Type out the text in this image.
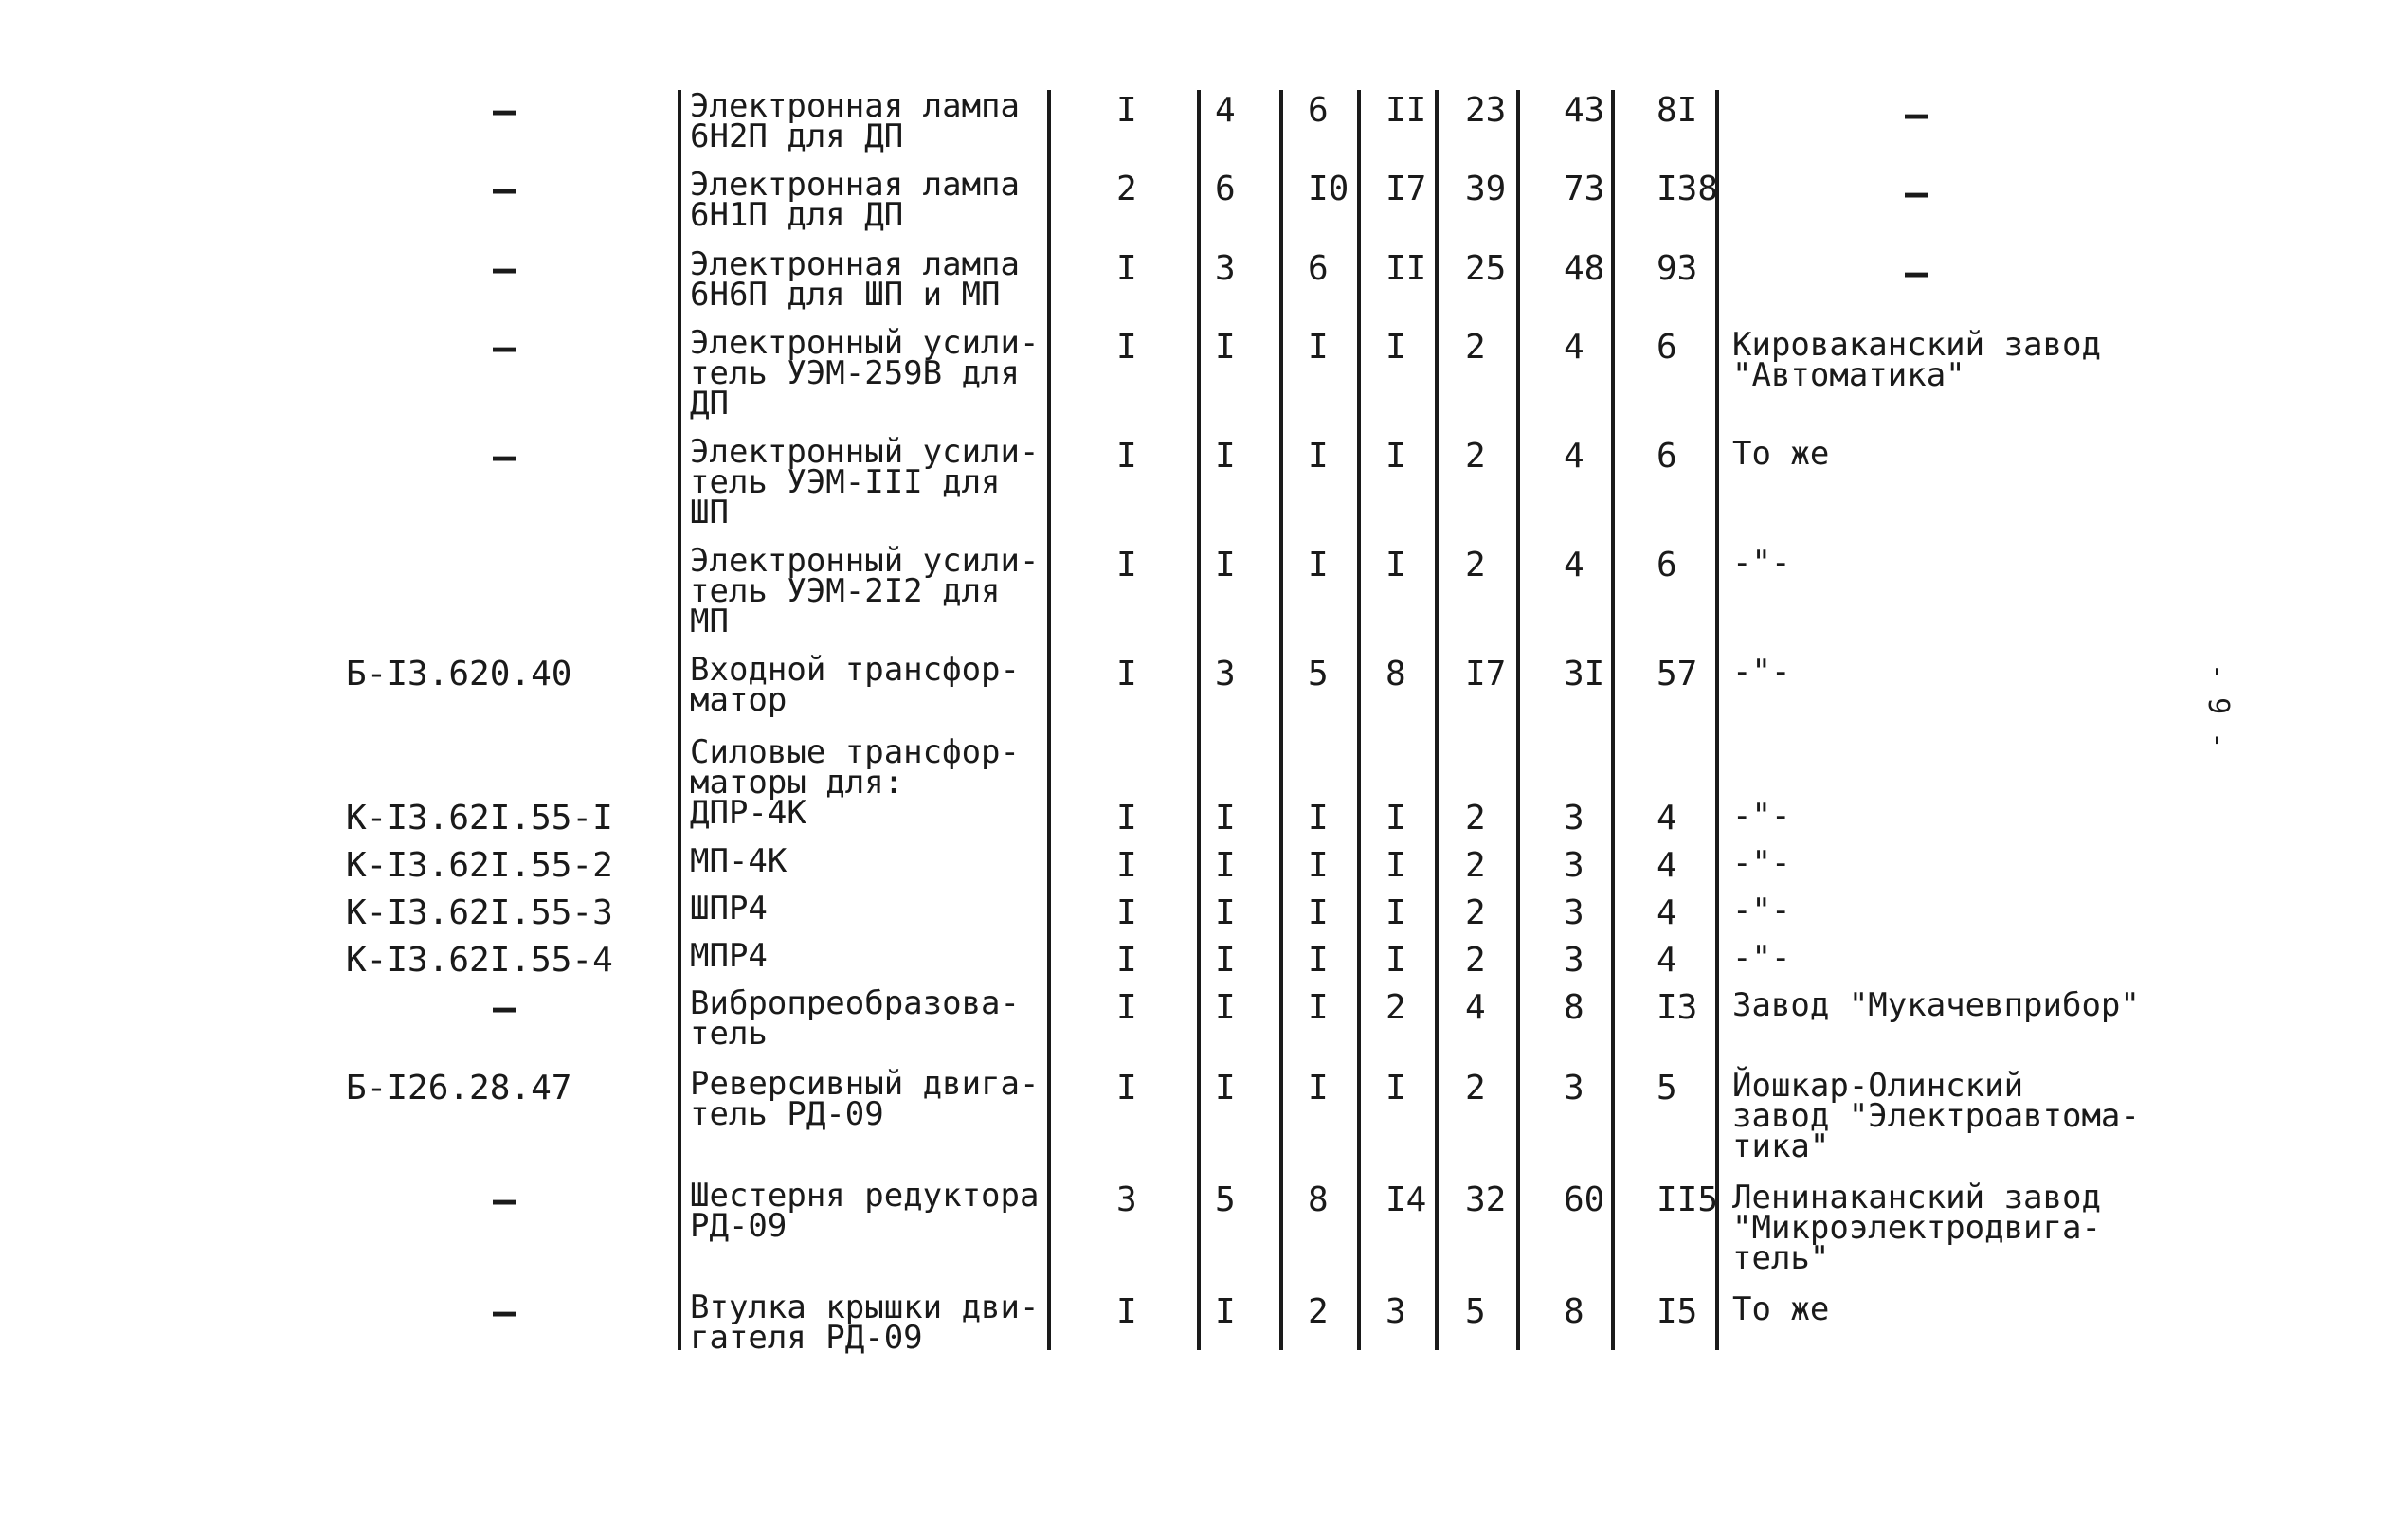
–	Электронная лампа
6Н2П для ДП
I 4 6 II 23 43 8I	–
–	Электронная лампа
6Н1П для ДП
2 6 I0 I7 39 73 I38	–
–	Электронная лампа
6Н6П для ШП и МП
I 3 6 II 25 48 93	–
–	Электронный усили-
тель УЭМ-259В для
ДП
I I I I 2 4 6 Кироваканский завод
"Автоматика"
–	Электронный усили-
тель УЭМ-III для
ШП
I I I I 2 4 6 То же
Электронный усили-
тель УЭМ-2I2 для
МП
I I I I 2 4 6 -"-
Б-I3.620.40	Входной трансфор-
матор
I 3 5 8 I7 3I 57 -"-
К-I3.62I.55-I
Силовые трансфор-
маторы для:
ДПР-4К	I I I I 2 3 4 -"-
К-I3.62I.55-2 МП-4К	I I I I 2 3 4 -"-
К-I3.62I.55-3 ШПР4	I I I I 2 3 4 -"-
К-I3.62I.55-4 МПР4	I I I I 2 3 4 -"-
–	Вибропреобразова-
тель
I I I 2 4 8 I3 Завод "Мукачевприбор"
Б-I26.28.47	Реверсивный двига-
тель РД-09
I I I I 2 3 5 Йошкар-Олинский
завод "Электроавтома-
тика"
–	Шестерня редуктора
РД-09
3 5 8 I4 32 60 II5 Ленинаканский завод
"Микроэлектродвига-
тель"
–	Втулка крышки дви-
гателя РД-09
I I 2 3 5 8 I5 То же
- 9 -
